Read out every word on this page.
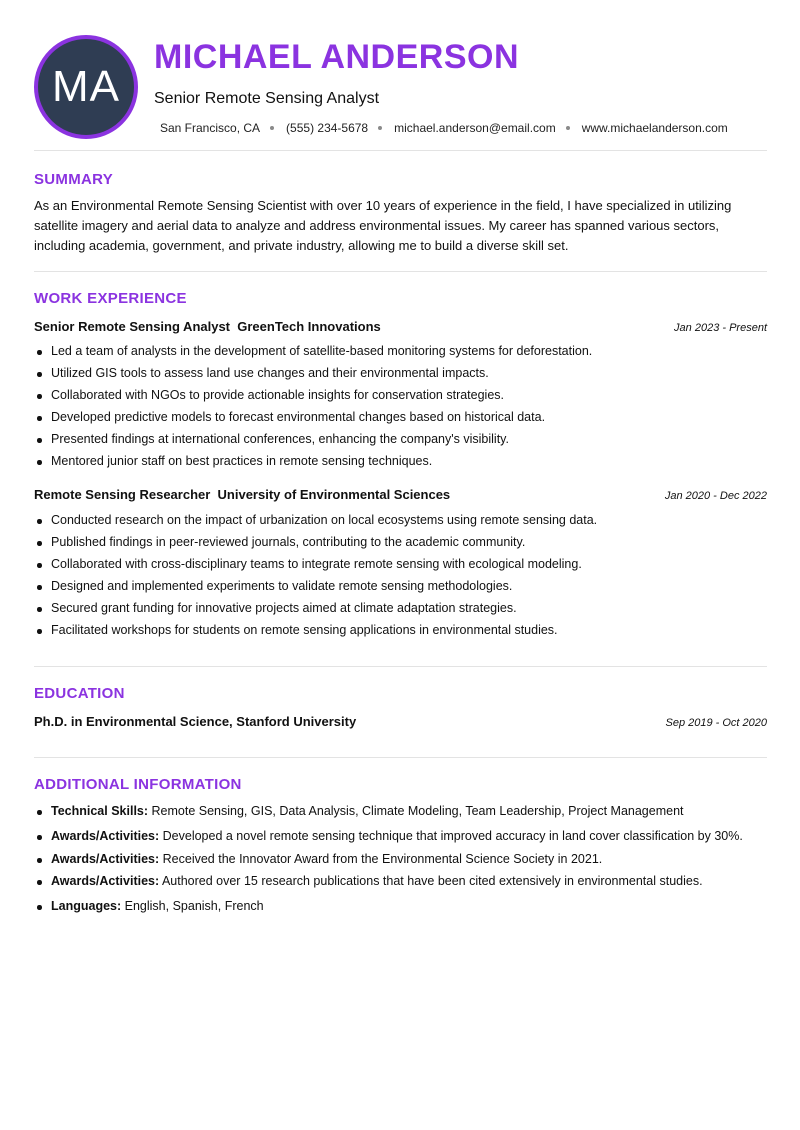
MA
MICHAEL ANDERSON
Senior Remote Sensing Analyst
San Francisco, CA (555) 234-5678 michael.anderson@email.com www.michaelanderson.com
SUMMARY
As an Environmental Remote Sensing Scientist with over 10 years of experience in the field, I have specialized in utilizing satellite imagery and aerial data to analyze and address environmental issues. My career has spanned various sectors, including academia, government, and private industry, allowing me to build a diverse skill set.
WORK EXPERIENCE
Senior Remote Sensing Analyst GreenTech Innovations	Jan 2023 - Present
Led a team of analysts in the development of satellite-based monitoring systems for deforestation.
Utilized GIS tools to assess land use changes and their environmental impacts.
Collaborated with NGOs to provide actionable insights for conservation strategies.
Developed predictive models to forecast environmental changes based on historical data.
Presented findings at international conferences, enhancing the company's visibility.
Mentored junior staff on best practices in remote sensing techniques.
Remote Sensing Researcher University of Environmental Sciences	Jan 2020 - Dec 2022
Conducted research on the impact of urbanization on local ecosystems using remote sensing data.
Published findings in peer-reviewed journals, contributing to the academic community.
Collaborated with cross-disciplinary teams to integrate remote sensing with ecological modeling.
Designed and implemented experiments to validate remote sensing methodologies.
Secured grant funding for innovative projects aimed at climate adaptation strategies.
Facilitated workshops for students on remote sensing applications in environmental studies.
EDUCATION
Ph.D. in Environmental Science, Stanford University	Sep 2019 - Oct 2020
ADDITIONAL INFORMATION
Technical Skills: Remote Sensing, GIS, Data Analysis, Climate Modeling, Team Leadership, Project Management
Awards/Activities: Developed a novel remote sensing technique that improved accuracy in land cover classification by 30%.
Awards/Activities: Received the Innovator Award from the Environmental Science Society in 2021.
Awards/Activities: Authored over 15 research publications that have been cited extensively in environmental studies.
Languages: English, Spanish, French
